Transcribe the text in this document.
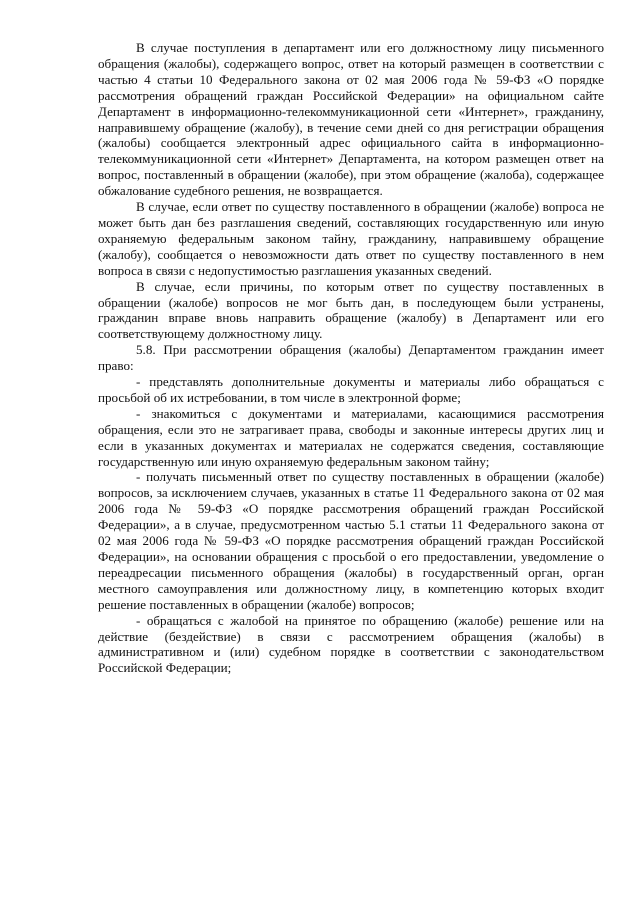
В случае поступления в департамент или его должностному лицу письменного обращения (жалобы), содержащего вопрос, ответ на который размещен в соответствии с частью 4 статьи 10 Федерального закона от 02 мая 2006 года № 59-ФЗ «О порядке рассмотрения обращений граждан Российской Федерации» на официальном сайте Департамент в информационно-телекоммуникационной сети «Интернет», гражданину, направившему обращение (жалобу), в течение семи дней со дня регистрации обращения (жалобы) сообщается электронный адрес официального сайта в информационно-телекоммуникационной сети «Интернет» Департамента, на котором размещен ответ на вопрос, поставленный в обращении (жалобе), при этом обращение (жалоба), содержащее обжалование судебного решения, не возвращается.

В случае, если ответ по существу поставленного в обращении (жалобе) вопроса не может быть дан без разглашения сведений, составляющих государственную или иную охраняемую федеральным законом тайну, гражданину, направившему обращение (жалобу), сообщается о невозможности дать ответ по существу поставленного в нем вопроса в связи с недопустимостью разглашения указанных сведений.

В случае, если причины, по которым ответ по существу поставленных в обращении (жалобе) вопросов не мог быть дан, в последующем были устранены, гражданин вправе вновь направить обращение (жалобу) в Департамент или его соответствующему должностному лицу.

5.8. При рассмотрении обращения (жалобы) Департаментом гражданин имеет право:

- представлять дополнительные документы и материалы либо обращаться с просьбой об их истребовании, в том числе в электронной форме;

- знакомиться с документами и материалами, касающимися рассмотрения обращения, если это не затрагивает права, свободы и законные интересы других лиц и если в указанных документах и материалах не содержатся сведения, составляющие государственную или иную охраняемую федеральным законом тайну;

- получать письменный ответ по существу поставленных в обращении (жалобе) вопросов, за исключением случаев, указанных в статье 11 Федерального закона от 02 мая 2006 года № 59-ФЗ «О порядке рассмотрения обращений граждан Российской Федерации», а в случае, предусмотренном частью 5.1 статьи 11 Федерального закона от 02 мая 2006 года № 59-ФЗ «О порядке рассмотрения обращений граждан Российской Федерации», на основании обращения с просьбой о его предоставлении, уведомление о переадресации письменного обращения (жалобы) в государственный орган, орган местного самоуправления или должностному лицу, в компетенцию которых входит решение поставленных в обращении (жалобе) вопросов;

- обращаться с жалобой на принятое по обращению (жалобе) решение или на действие (бездействие) в связи с рассмотрением обращения (жалобы) в административном и (или) судебном порядке в соответствии с законодательством Российской Федерации;
